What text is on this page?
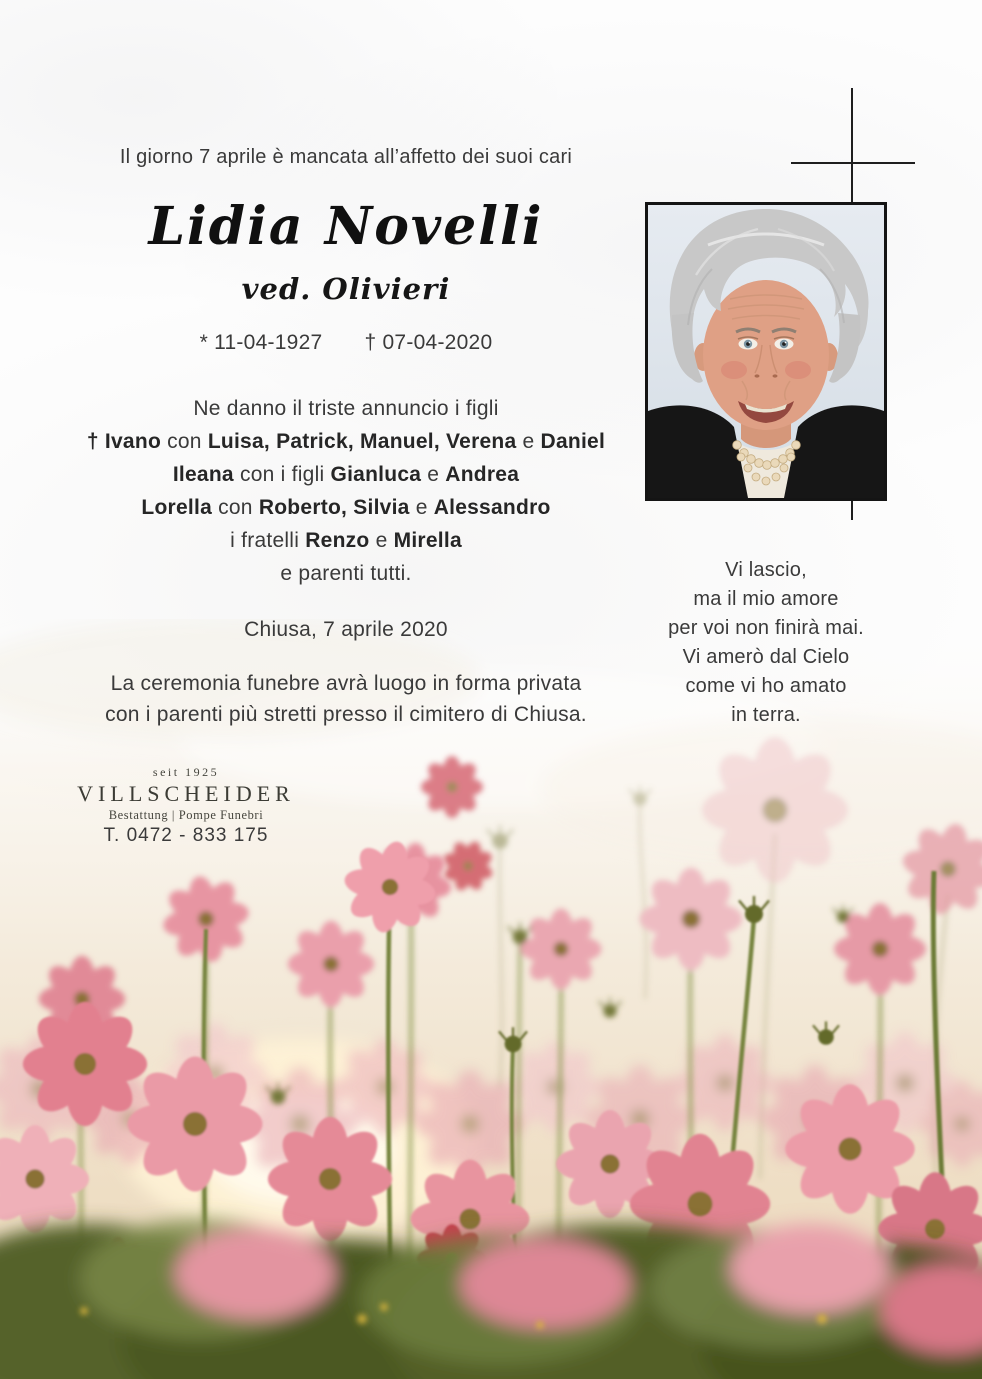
Il giorno 7 aprile è mancata all’affetto dei suoi cari

Lidia Novelli

ved. Olivieri

* 11-04-1927 † 07-04-2020

Ne danno il triste annuncio i figli

† Ivano con Luisa, Patrick, Manuel, Verena e Daniel

Ileana con i figli Gianluca e Andrea

Lorella con Roberto, Silvia e Alessandro

i fratelli Renzo e Mirella

e parenti tutti.

Chiusa, 7 aprile 2020

La ceremonia funebre avrà luogo in forma privata

con i parenti più stretti presso il cimitero di Chiusa.

seit 1925

VILLSCHEIDER

Bestattung | Pompe Funebri

T. 0472 - 833 175

Vi lascio,

ma il mio amore

per voi non finirà mai.

Vi amerò dal Cielo

come vi ho amato

in terra.
